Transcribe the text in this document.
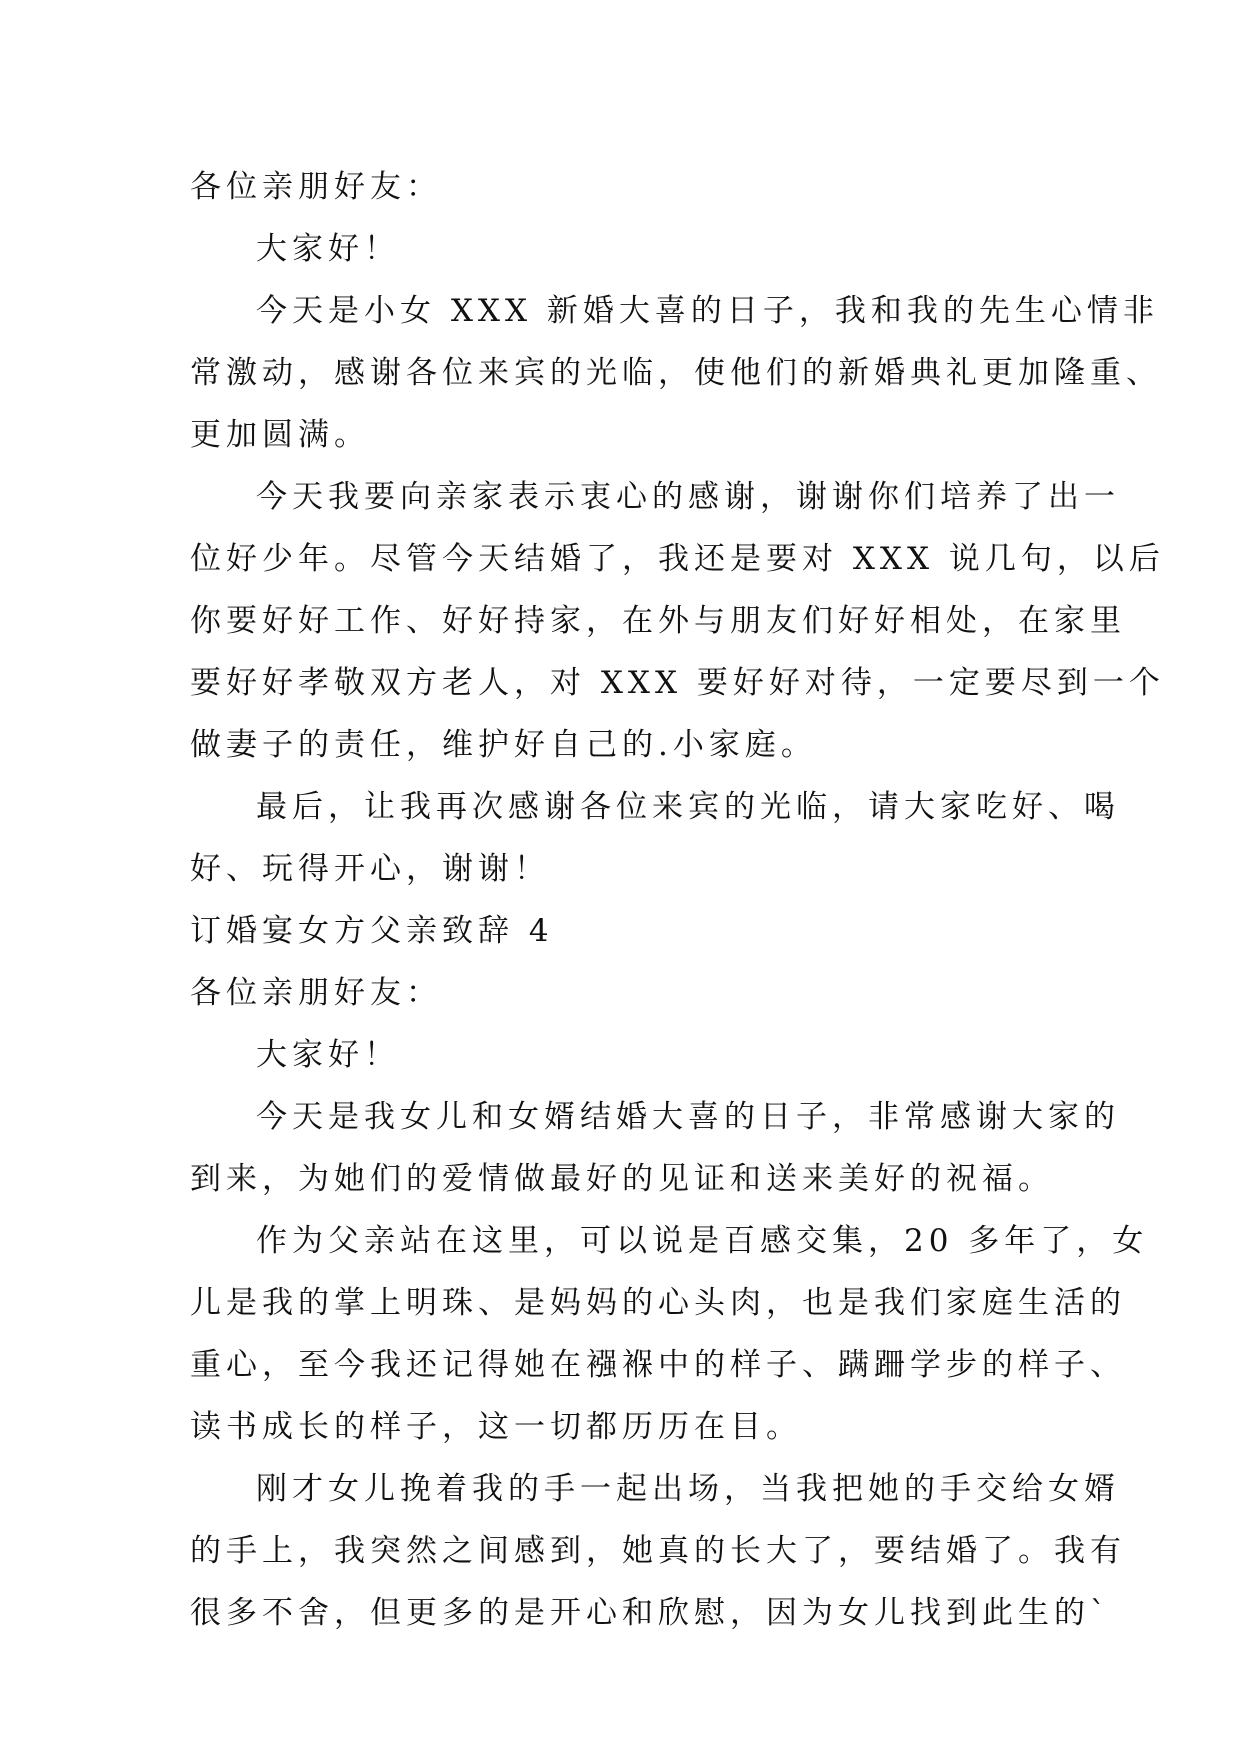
各位亲朋好友：
大家好！
今天是小女 XXX 新婚大喜的日子，我和我的先生心情非
常激动，感谢各位来宾的光临，使他们的新婚典礼更加隆重、
更加圆满。
今天我要向亲家表示衷心的感谢，谢谢你们培养了出一
位好少年。尽管今天结婚了，我还是要对 XXX 说几句，以后
你要好好工作、好好持家，在外与朋友们好好相处，在家里
要好好孝敬双方老人，对 XXX 要好好对待，一定要尽到一个
做妻子的责任，维护好自己的.小家庭。
最后，让我再次感谢各位来宾的光临，请大家吃好、喝
好、玩得开心，谢谢！
订婚宴女方父亲致辞 4
各位亲朋好友：
大家好！
今天是我女儿和女婿结婚大喜的日子，非常感谢大家的
到来，为她们的爱情做最好的见证和送来美好的祝福。
作为父亲站在这里，可以说是百感交集，20 多年了，女
儿是我的掌上明珠、是妈妈的心头肉，也是我们家庭生活的
重心，至今我还记得她在襁褓中的样子、蹒跚学步的样子、
读书成长的样子，这一切都历历在目。
刚才女儿挽着我的手一起出场，当我把她的手交给女婿
的手上，我突然之间感到，她真的长大了，要结婚了。我有
很多不舍，但更多的是开心和欣慰，因为女儿找到此生的`
